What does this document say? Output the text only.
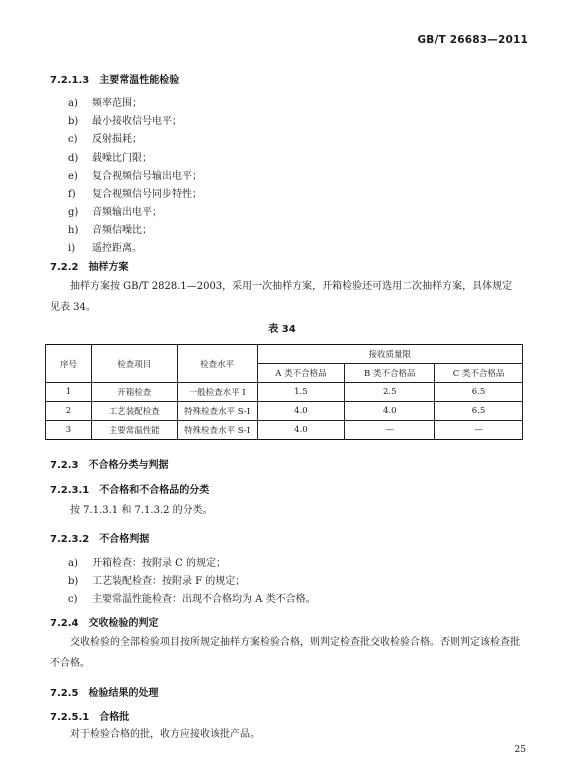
GB/T 26683—2011
7.2.1.3 主要常温性能检验
a) 频率范围；
b) 最小接收信号电平；
c) 反射损耗；
d) 载噪比门限；
e) 复合视频信号输出电平；
f) 复合视频信号同步特性；
g) 音频输出电平；
h) 音频信噪比；
i) 遥控距离。
7.2.2 抽样方案
抽样方案按 GB/T 2828.1—2003，采用一次抽样方案，开箱检验还可选用二次抽样方案，具体规定见表 34。
表 34
序号	检查项目	检查水平	接收质量限		
			A 类不合格品	B 类不合格品	C 类不合格品
1	开箱检查	一般检查水平 I	1.5	2.5	6.5
2	工艺装配检查	特殊检查水平 S-I	4.0	4.0	6.5
3	主要常温性能	特殊检查水平 S-I	4.0	—	—
7.2.3 不合格分类与判据
7.2.3.1 不合格和不合格品的分类
按 7.1.3.1 和 7.1.3.2 的分类。
7.2.3.2 不合格判据
a) 开箱检查：按附录 C 的规定；
b) 工艺装配检查：按附录 F 的规定；
c) 主要常温性能检查：出现不合格均为 A 类不合格。
7.2.4 交收检验的判定
交收检验的全部检验项目按所规定抽样方案检验合格，则判定检查批交收检验合格。否则判定该检查批不合格。
7.2.5 检验结果的处理
7.2.5.1 合格批
对于检验合格的批，收方应接收该批产品。
25
